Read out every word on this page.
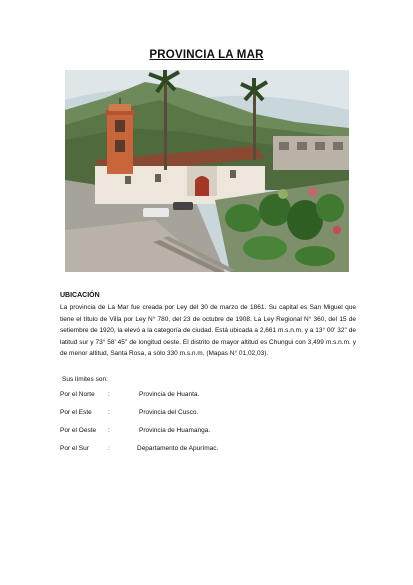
PROVINCIA LA MAR
UBICACIÓN

La provincia de La Mar fue creada por Ley del 30 de marzo de 1861. Su capital es San Miguel que tiene el título de Villa por Ley N° 780, del 23 de octubre de 1908. La Ley Regional N° 360, del 15 de setiembre de 1920, la elevó a la categoría de ciudad. Está ubicada a 2,661 m.s.n.m. y a 13° 00' 32'' de latitud sur y 73° 58' 45'' de longitud oeste. El distrito de mayor altitud es Chungui con 3,499 m.s.n.m. y de menor altitud, Santa Rosa, a sólo 330 m.s.n.m. (Mapas N° 01,02,03).

Sus límites son:
Por el Norte :	Provincia de Huanta.
Por el Este :	Provincia del Cusco.
Por el Oeste :	Provincia de Huamanga.
Por el Sur	:	Departamento de Apurímac.
